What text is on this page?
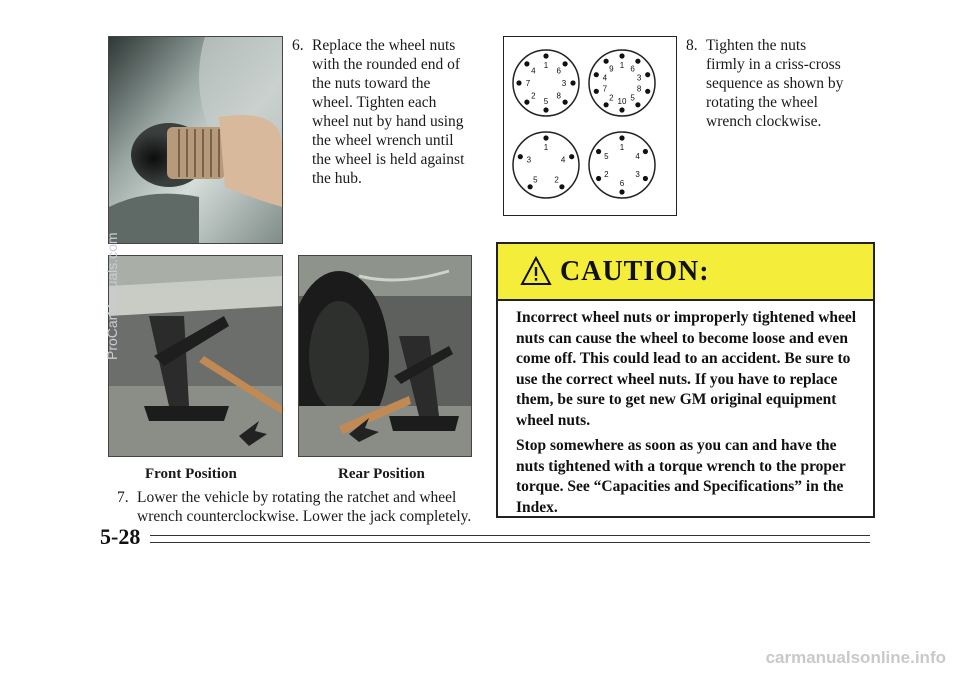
6. Replace the wheel nuts
with the rounded end of
the nuts toward the
wheel. Tighten each
wheel nut by hand using
the wheel wrench until
the wheel is held against
the hub.
Front Position	Rear Position
7. Lower the vehicle by rotating the ratchet and wheel
wrench counterclockwise. Lower the jack completely.
1
2
3
4
5
6
7
8
1
2
3
4
5
6
7	8
9
10
1
2
3	4
5
1
2	3
4
5
6
8. Tighten the nuts
firmly in a criss-cross
sequence as shown by
rotating the wheel
wrench clockwise.
CAUTION:

Incorrect wheel nuts or improperly tightened wheel nuts can cause the wheel to become loose and even come off. This could lead to an accident. Be sure to use the correct wheel nuts. If you have to replace them, be sure to get new GM original equipment wheel nuts.

Stop somewhere as soon as you can and have the nuts tightened with a torque wrench to the proper torque. See “Capacities and Specifications” in the Index.

5-28
ProCarManuals.com
carmanualsonline.info
